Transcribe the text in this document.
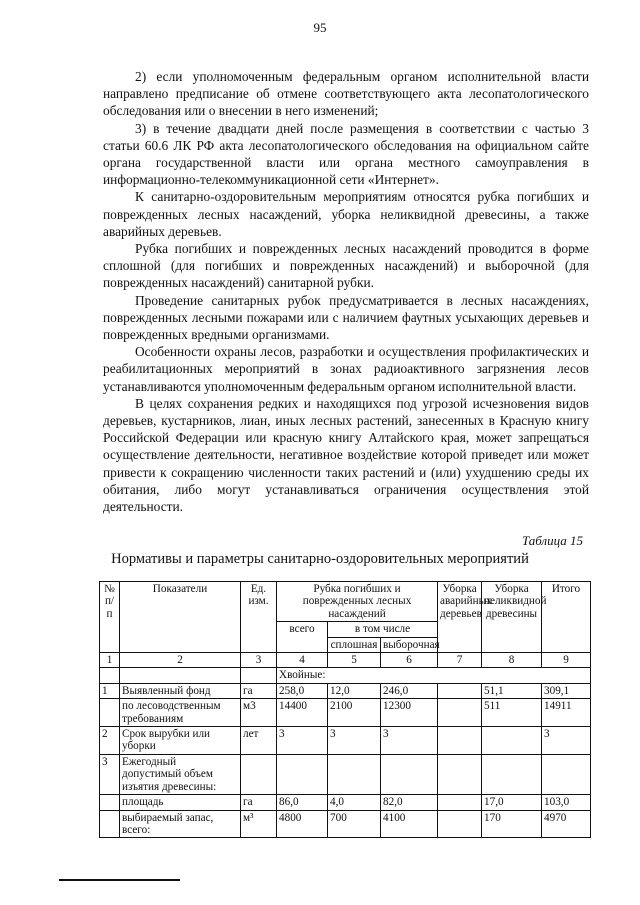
95

2) если уполномоченным федеральным органом исполнительной власти направлено предписание об отмене соответствующего акта лесопатологического обследования или о внесении в него изменений;

3) в течение двадцати дней после размещения в соответствии с частью 3 статьи 60.6 ЛК РФ акта лесопатологического обследования на официальном сайте органа государственной власти или органа местного самоуправления в информационно-телекоммуникационной сети «Интернет».

К санитарно-оздоровительным мероприятиям относятся рубка погибших и поврежденных лесных насаждений, уборка неликвидной древесины, а также аварийных деревьев.

Рубка погибших и поврежденных лесных насаждений проводится в форме сплошной (для погибших и поврежденных насаждений) и выборочной (для поврежденных насаждений) санитарной рубки.

Проведение санитарных рубок предусматривается в лесных насаждениях, поврежденных лесными пожарами или с наличием фаутных усыхающих деревьев и поврежденных вредными организмами.

Особенности охраны лесов, разработки и осуществления профилактических и реабилитационных мероприятий в зонах радиоактивного загрязнения лесов устанавливаются уполномоченным федеральным органом исполнительной власти.

В целях сохранения редких и находящихся под угрозой исчезновения видов деревьев, кустарников, лиан, иных лесных растений, занесенных в Красную книгу Российской Федерации или красную книгу Алтайского края, может запрещаться осуществление деятельности, негативное воздействие которой приведет или может привести к сокращению численности таких растений и (или) ухудшению среды их обитания, либо могут устанавливаться ограничения осуществления этой деятельности.

Таблица 15
Нормативы и параметры санитарно-оздоровительных мероприятий
№ п/п	Показатели	Ед. изм.	Рубка погибших и поврежденных лесных насаждений			Уборка аварийных деревьев	Уборка неликвидной древесины	Итого
			всего	в том числе				
				сплошная	выборочная			
1	2	3	4	5	6	7	8	9
			Хвойные:					
1	Выявленный фонд	га	258,0	12,0	246,0		51,1	309,1
	по лесоводственным требованиям	м3	14400	2100	12300		511	14911
2	Срок вырубки или уборки	лет	3	3	3			3
3	Ежегодный допустимый объем изъятия древесины:							
	площадь	га	86,0	4,0	82,0		17,0	103,0
	выбираемый запас, всего:	м³	4800	700	4100		170	4970
